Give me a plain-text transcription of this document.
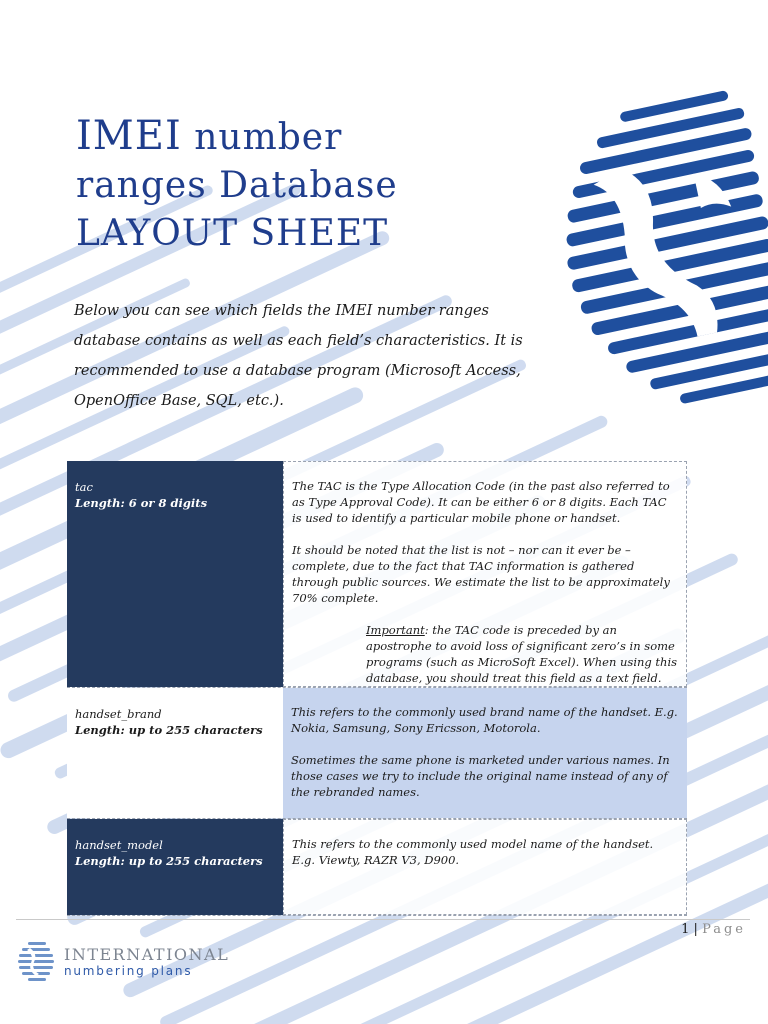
IMEI number
ranges Database
LAYOUT SHEET

Below you can see which fields the IMEI number ranges database contains as well as each field’s characteristics. It is recommended to use a database program (Microsoft Access, OpenOffice Base, SQL, etc.).

tac
Length: 6 or 8 digits

The TAC is the Type Allocation Code (in the past also referred to as Type Approval Code). It can be either 6 or 8 digits. Each TAC is used to identify a particular mobile phone or handset.

It should be noted that the list is not – nor can it ever be – complete, due to the fact that TAC information is gathered through public sources. We estimate the list to be approximately 70% complete.

Important: the TAC code is preceded by an apostrophe to avoid loss of significant zero’s in some programs (such as MicroSoft Excel). When using this database, you should treat this field as a text field.

handset_brand
Length: up to 255 characters

This refers to the commonly used brand name of the handset. E.g. Nokia, Samsung, Sony Ericsson, Motorola.

Sometimes the same phone is marketed under various names. In those cases we try to include the original name instead of any of the rebranded names.

handset_model
Length: up to 255 characters

This refers to the commonly used model name of the handset. E.g. Viewty, RAZR V3, D900.

1 | Page
INTERNATIONAL
numbering plans
